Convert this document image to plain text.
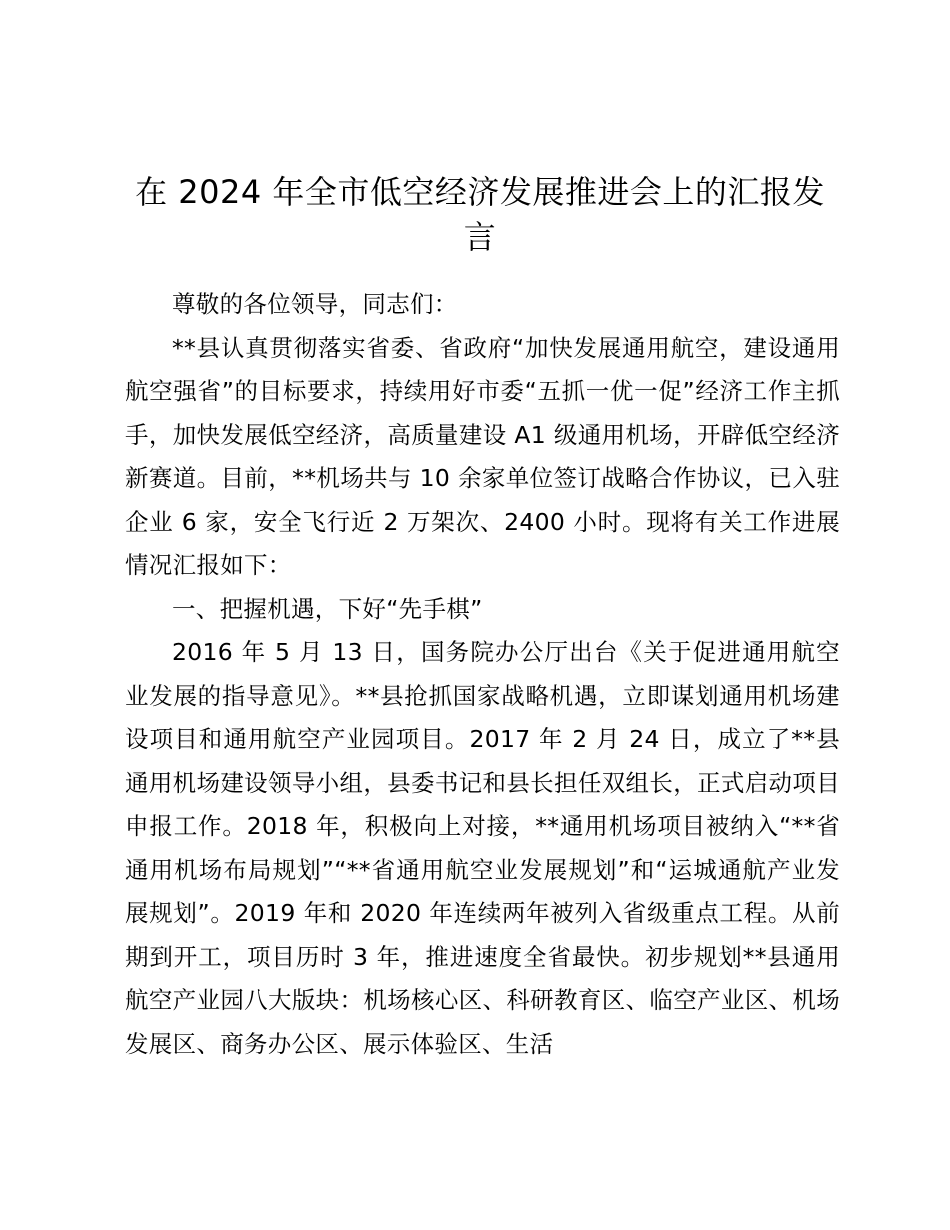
在 2024 年全市低空经济发展推进会上的汇报发言

尊敬的各位领导，同志们：

**县认真贯彻落实省委、省政府“加快发展通用航空，建设通用航空强省”的目标要求，持续用好市委“五抓一优一促”经济工作主抓手，加快发展低空经济，高质量建设 A1 级通用机场，开辟低空经济新赛道。目前，**机场共与 10 余家单位签订战略合作协议，已入驻企业 6 家，安全飞行近 2 万架次、2400 小时。现将有关工作进展情况汇报如下：

一、把握机遇，下好“先手棋”

2016 年 5 月 13 日，国务院办公厅出台《关于促进通用航空业发展的指导意见》。**县抢抓国家战略机遇，立即谋划通用机场建设项目和通用航空产业园项目。2017 年 2 月 24 日，成立了**县通用机场建设领导小组，县委书记和县长担任双组长，正式启动项目申报工作。2018 年，积极向上对接，**通用机场项目被纳入“**省通用机场布局规划”“**省通用航空业发展规划”和“运城通航产业发展规划”。2019 年和 2020 年连续两年被列入省级重点工程。从前期到开工，项目历时 3 年，推进速度全省最快。初步规划**县通用航空产业园八大版块：机场核心区、科研教育区、临空产业区、机场发展区、商务办公区、展示体验区、生活
